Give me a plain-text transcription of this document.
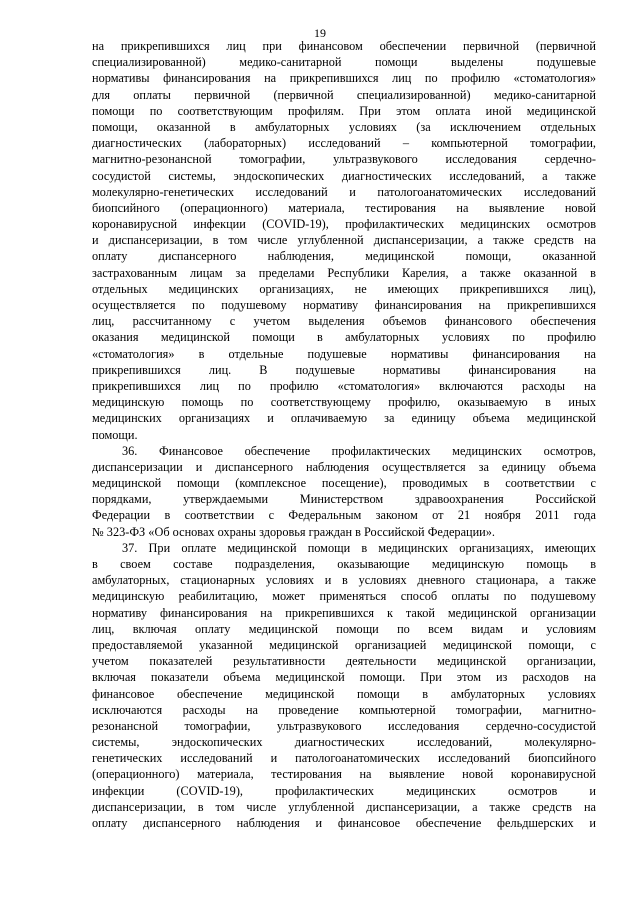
19
на прикрепившихся лиц при финансовом обеспечении первичной (первичной
специализированной) медико-санитарной помощи выделены подушевые
нормативы финансирования на прикрепившихся лиц по профилю «стоматология»
для оплаты первичной (первичной специализированной) медико-санитарной
помощи по соответствующим профилям. При этом оплата иной медицинской
помощи, оказанной в амбулаторных условиях (за исключением отдельных
диагностических (лабораторных) исследований – компьютерной томографии,
магнитно-резонансной томографии, ультразвукового исследования сердечно-
сосудистой системы, эндоскопических диагностических исследований, а также
молекулярно-генетических исследований и патологоанатомических исследований
биопсийного (операционного) материала, тестирования на выявление новой
коронавирусной инфекции (COVID-19), профилактических медицинских осмотров
и диспансеризации, в том числе углубленной диспансеризации, а также средств на
оплату диспансерного наблюдения, медицинской помощи, оказанной
застрахованным лицам за пределами Республики Карелия, а также оказанной в
отдельных медицинских организациях, не имеющих прикрепившихся лиц),
осуществляется по подушевому нормативу финансирования на прикрепившихся
лиц, рассчитанному с учетом выделения объемов финансового обеспечения
оказания медицинской помощи в амбулаторных условиях по профилю
«стоматология» в отдельные подушевые нормативы финансирования на
прикрепившихся лиц. В подушевые нормативы финансирования на
прикрепившихся лиц по профилю «стоматология» включаются расходы на
медицинскую помощь по соответствующему профилю, оказываемую в иных
медицинских организациях и оплачиваемую за единицу объема медицинской
помощи.
36. Финансовое обеспечение профилактических медицинских осмотров,
диспансеризации и диспансерного наблюдения осуществляется за единицу объема
медицинской помощи (комплексное посещение), проводимых в соответствии с
порядками, утверждаемыми Министерством здравоохранения Российской
Федерации в соответствии с Федеральным законом от 21 ноября 2011 года
№ 323-ФЗ «Об основах охраны здоровья граждан в Российской Федерации».
37. При оплате медицинской помощи в медицинских организациях, имеющих
в своем составе подразделения, оказывающие медицинскую помощь в
амбулаторных, стационарных условиях и в условиях дневного стационара, а также
медицинскую реабилитацию, может применяться способ оплаты по подушевому
нормативу финансирования на прикрепившихся к такой медицинской организации
лиц, включая оплату медицинской помощи по всем видам и условиям
предоставляемой указанной медицинской организацией медицинской помощи, с
учетом показателей результативности деятельности медицинской организации,
включая показатели объема медицинской помощи. При этом из расходов на
финансовое обеспечение медицинской помощи в амбулаторных условиях
исключаются расходы на проведение компьютерной томографии, магнитно-
резонансной томографии, ультразвукового исследования сердечно-сосудистой
системы, эндоскопических диагностических исследований, молекулярно-
генетических исследований и патологоанатомических исследований биопсийного
(операционного) материала, тестирования на выявление новой коронавирусной
инфекции (COVID-19), профилактических медицинских осмотров и
диспансеризации, в том числе углубленной диспансеризации, а также средств на
оплату диспансерного наблюдения и финансовое обеспечение фельдшерских и
